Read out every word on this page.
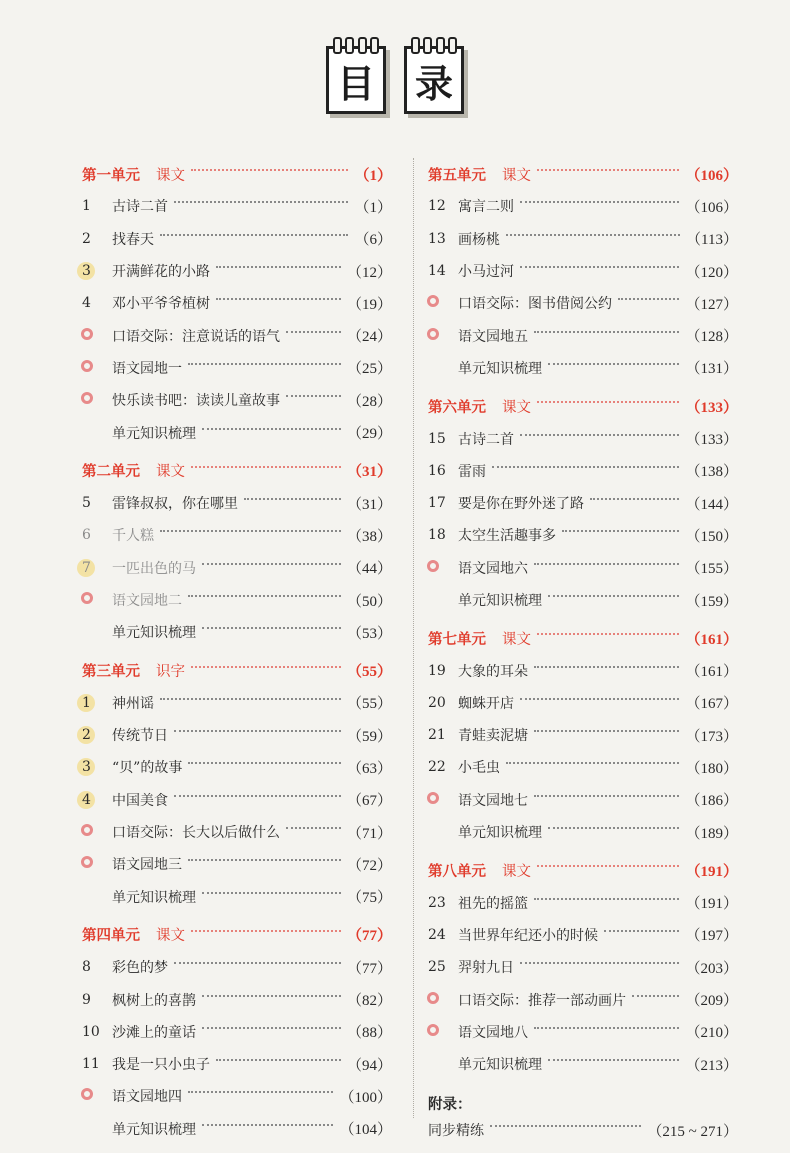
目 录
第一单元 课文	（1）
1	古诗二首	（1）
2	找春天	（6）
3	开满鲜花的小路	（12）
4	邓小平爷爷植树	（19）
口语交际：注意说话的语气	（24）
语文园地一	（25）
快乐读书吧：读读儿童故事	（28）
单元知识梳理	（29）
第二单元 课文	（31）
5	雷锋叔叔，你在哪里	（31）
6	千人糕	（38）
7	一匹出色的马	（44）
语文园地二	（50）
单元知识梳理	（53）
第三单元 识字	（55）
1	神州谣	（55）
2	传统节日	（59）
3	“贝”的故事	（63）
4	中国美食	（67）
口语交际：长大以后做什么	（71）
语文园地三	（72）
单元知识梳理	（75）
第四单元 课文	（77）
8	彩色的梦	（77）
9	枫树上的喜鹊	（82）
10 沙滩上的童话	（88）
11 我是一只小虫子	（94）
语文园地四	（100）
单元知识梳理	（104）
第五单元 课文	（106）
12 寓言二则	（106）
13 画杨桃	（113）
14 小马过河	（120）
口语交际：图书借阅公约	（127）
语文园地五	（128）
单元知识梳理	（131）
第六单元 课文	（133）
15 古诗二首	（133）
16 雷雨	（138）
17 要是你在野外迷了路	（144）
18 太空生活趣事多	（150）
语文园地六	（155）
单元知识梳理	（159）
第七单元 课文	（161）
19 大象的耳朵	（161）
20 蜘蛛开店	（167）
21 青蛙卖泥塘	（173）
22 小毛虫	（180）
语文园地七	（186）
单元知识梳理	（189）
第八单元 课文	（191）
23 祖先的摇篮	（191）
24 当世界年纪还小的时候	（197）
25 羿射九日	（203）
口语交际：推荐一部动画片	（209）
语文园地八	（210）
单元知识梳理	（213）
附录：
同步精练	（215 ~ 271）
